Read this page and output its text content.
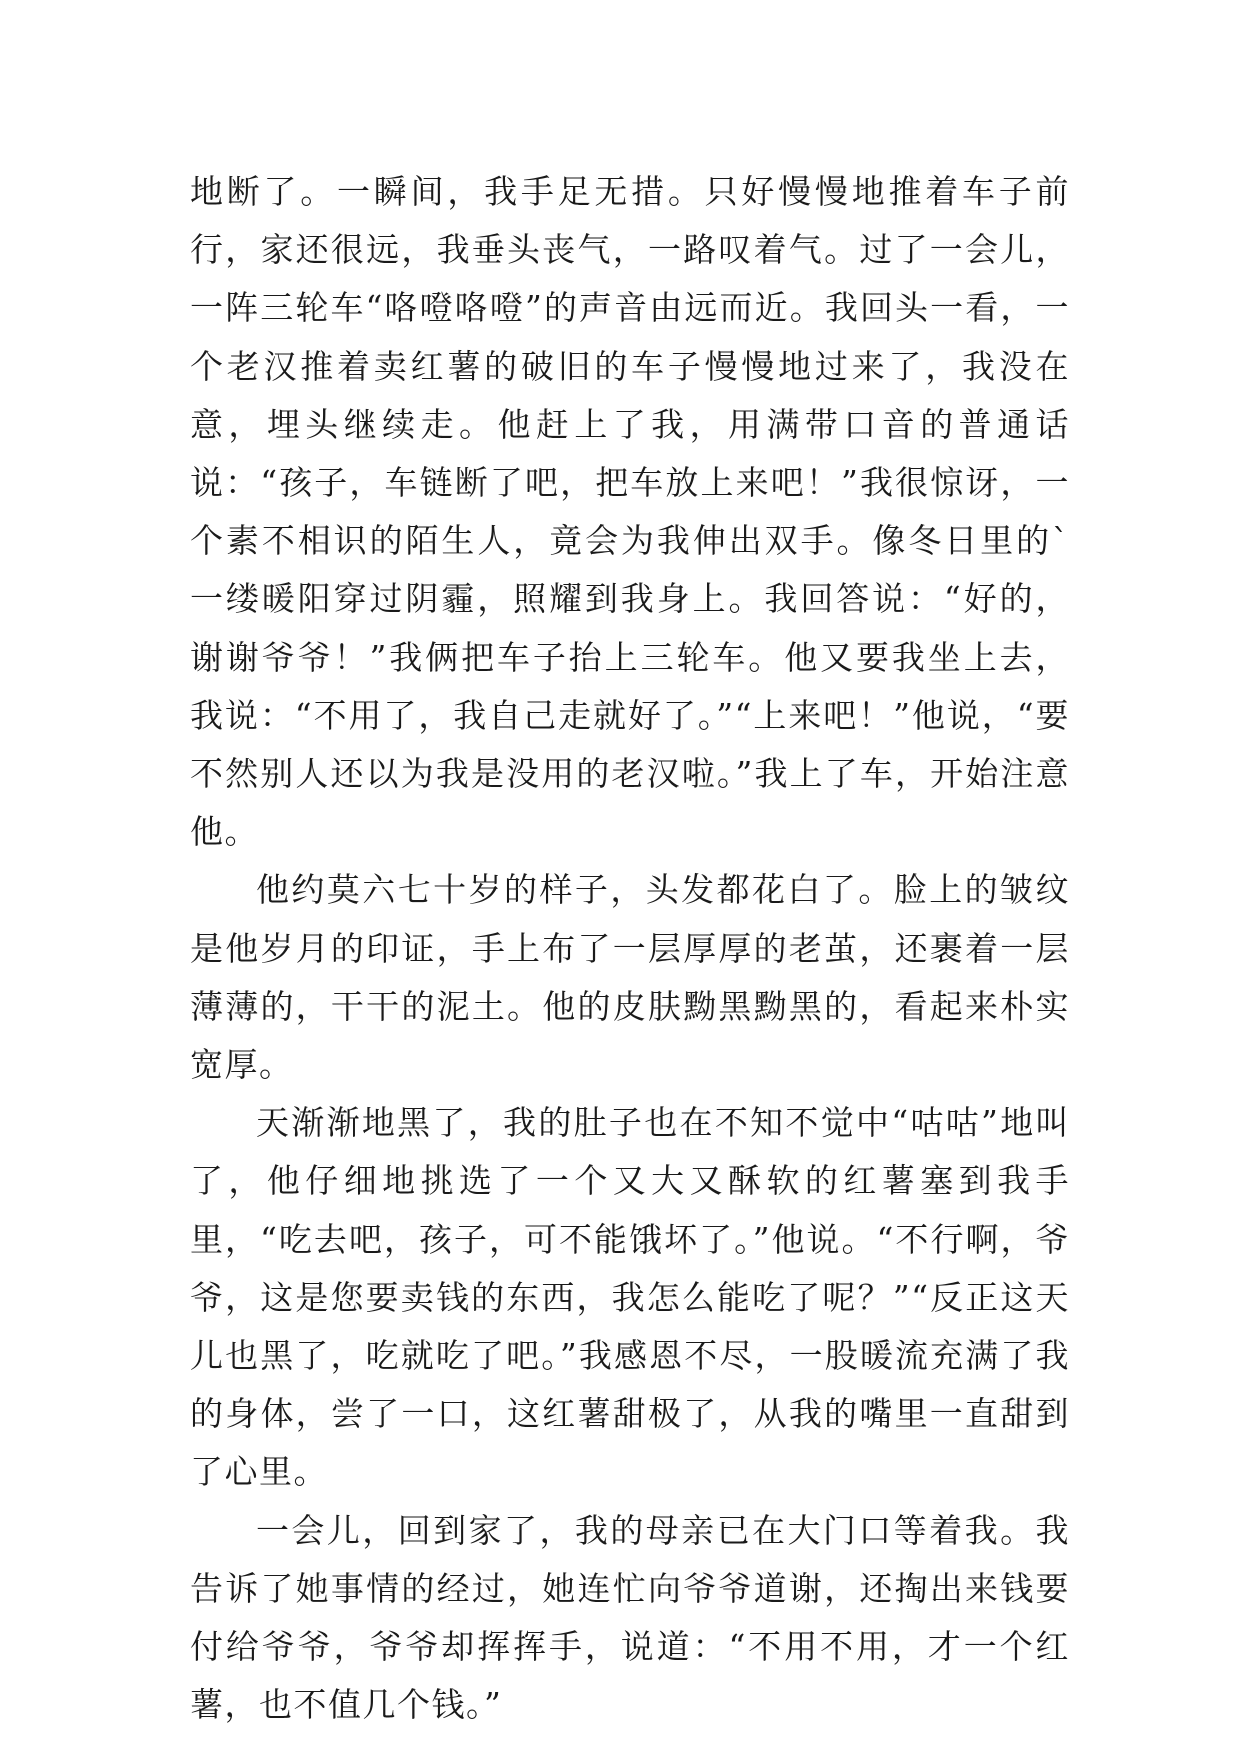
地断了。一瞬间，我手足无措。只好慢慢地推着车子前行，家还很远，我垂头丧气，一路叹着气。过了一会儿，一阵三轮车“咯噔咯噔”的声音由远而近。我回头一看，一个老汉推着卖红薯的破旧的车子慢慢地过来了，我没在意，埋头继续走。他赶上了我，用满带口音的普通话说：“孩子，车链断了吧，把车放上来吧！”我很惊讶，一个素不相识的陌生人，竟会为我伸出双手。像冬日里的`一缕暖阳穿过阴霾，照耀到我身上。我回答说：“好的，谢谢爷爷！”我俩把车子抬上三轮车。他又要我坐上去，我说：“不用了，我自己走就好了。”“上来吧！”他说，“要不然别人还以为我是没用的老汉啦。”我上了车，开始注意他。

他约莫六七十岁的样子，头发都花白了。脸上的皱纹是他岁月的印证，手上布了一层厚厚的老茧，还裹着一层薄薄的，干干的泥土。他的皮肤黝黑黝黑的，看起来朴实宽厚。

天渐渐地黑了，我的肚子也在不知不觉中“咕咕”地叫了，他仔细地挑选了一个又大又酥软的红薯塞到我手里，“吃去吧，孩子，可不能饿坏了。”他说。“不行啊，爷爷，这是您要卖钱的东西，我怎么能吃了呢？”“反正这天儿也黑了，吃就吃了吧。”我感恩不尽，一股暖流充满了我的身体，尝了一口，这红薯甜极了，从我的嘴里一直甜到了心里。

一会儿，回到家了，我的母亲已在大门口等着我。我告诉了她事情的经过，她连忙向爷爷道谢，还掏出来钱要付给爷爷，爷爷却挥挥手，说道：“不用不用，才一个红薯，也不值几个钱。”
